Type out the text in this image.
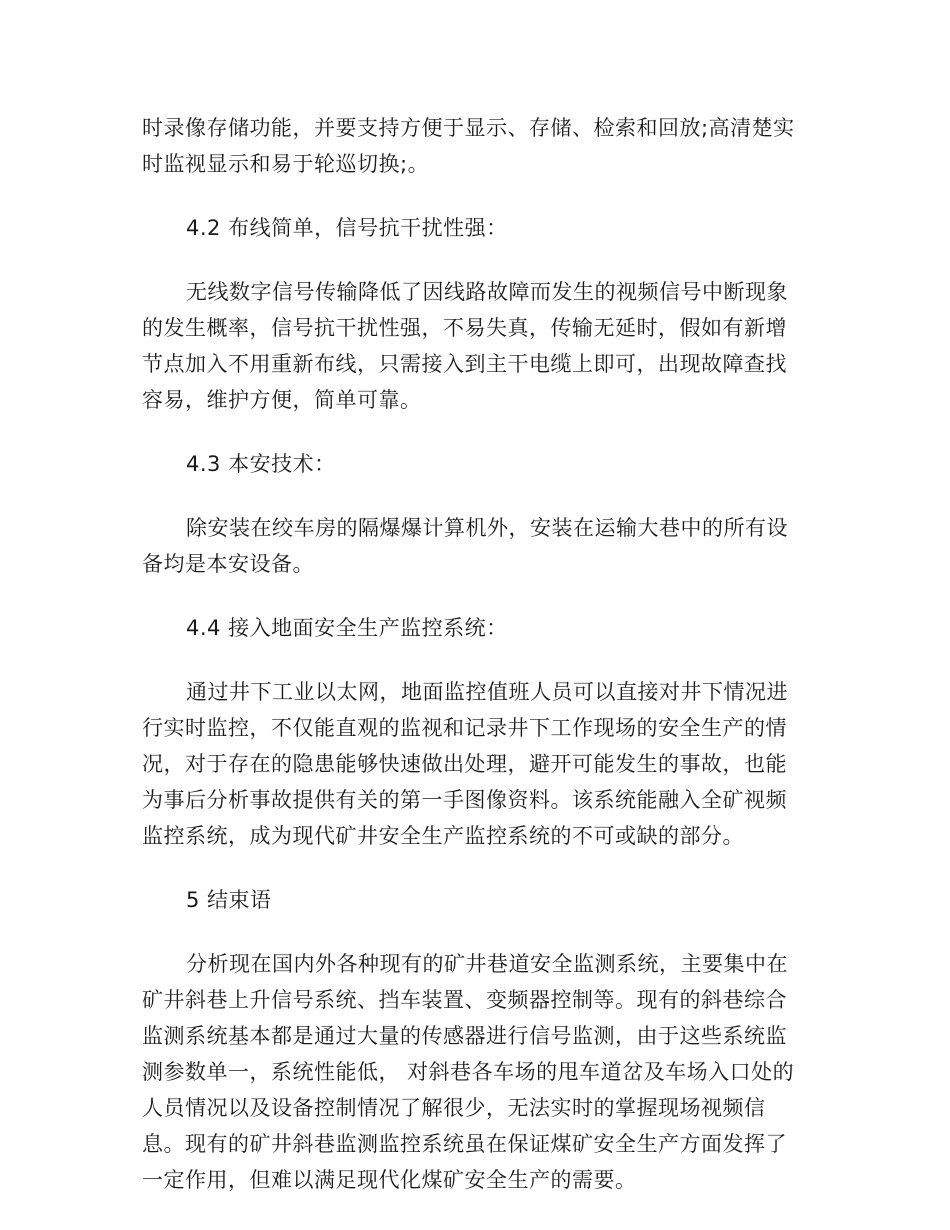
时录像存储功能，并要支持方便于显示、存储、检索和回放;高清楚实
时监视显示和易于轮巡切换;。

4.2 布线简单，信号抗干扰性强：

无线数字信号传输降低了因线路故障而发生的视频信号中断现象
的发生概率，信号抗干扰性强，不易失真，传输无延时，假如有新增
节点加入不用重新布线，只需接入到主干电缆上即可，出现故障查找
容易，维护方便，简单可靠。

4.3 本安技术：

除安装在绞车房的隔爆爆计算机外，安装在运输大巷中的所有设
备均是本安设备。

4.4 接入地面安全生产监控系统：

通过井下工业以太网，地面监控值班人员可以直接对井下情况进
行实时监控，不仅能直观的监视和记录井下工作现场的安全生产的情
况，对于存在的隐患能够快速做出处理，避开可能发生的事故，也能
为事后分析事故提供有关的第一手图像资料。该系统能融入全矿视频
监控系统，成为现代矿井安全生产监控系统的不可或缺的部分。

5 结束语

分析现在国内外各种现有的矿井巷道安全监测系统，主要集中在
矿井斜巷上升信号系统、挡车装置、变频器控制等。现有的斜巷综合
监测系统基本都是通过大量的传感器进行信号监测，由于这些系统监
测参数单一，系统性能低， 对斜巷各车场的甩车道岔及车场入口处的
人员情况以及设备控制情况了解很少，无法实时的掌握现场视频信
息。现有的矿井斜巷监测监控系统虽在保证煤矿安全生产方面发挥了
一定作用，但难以满足现代化煤矿安全生产的需要。
